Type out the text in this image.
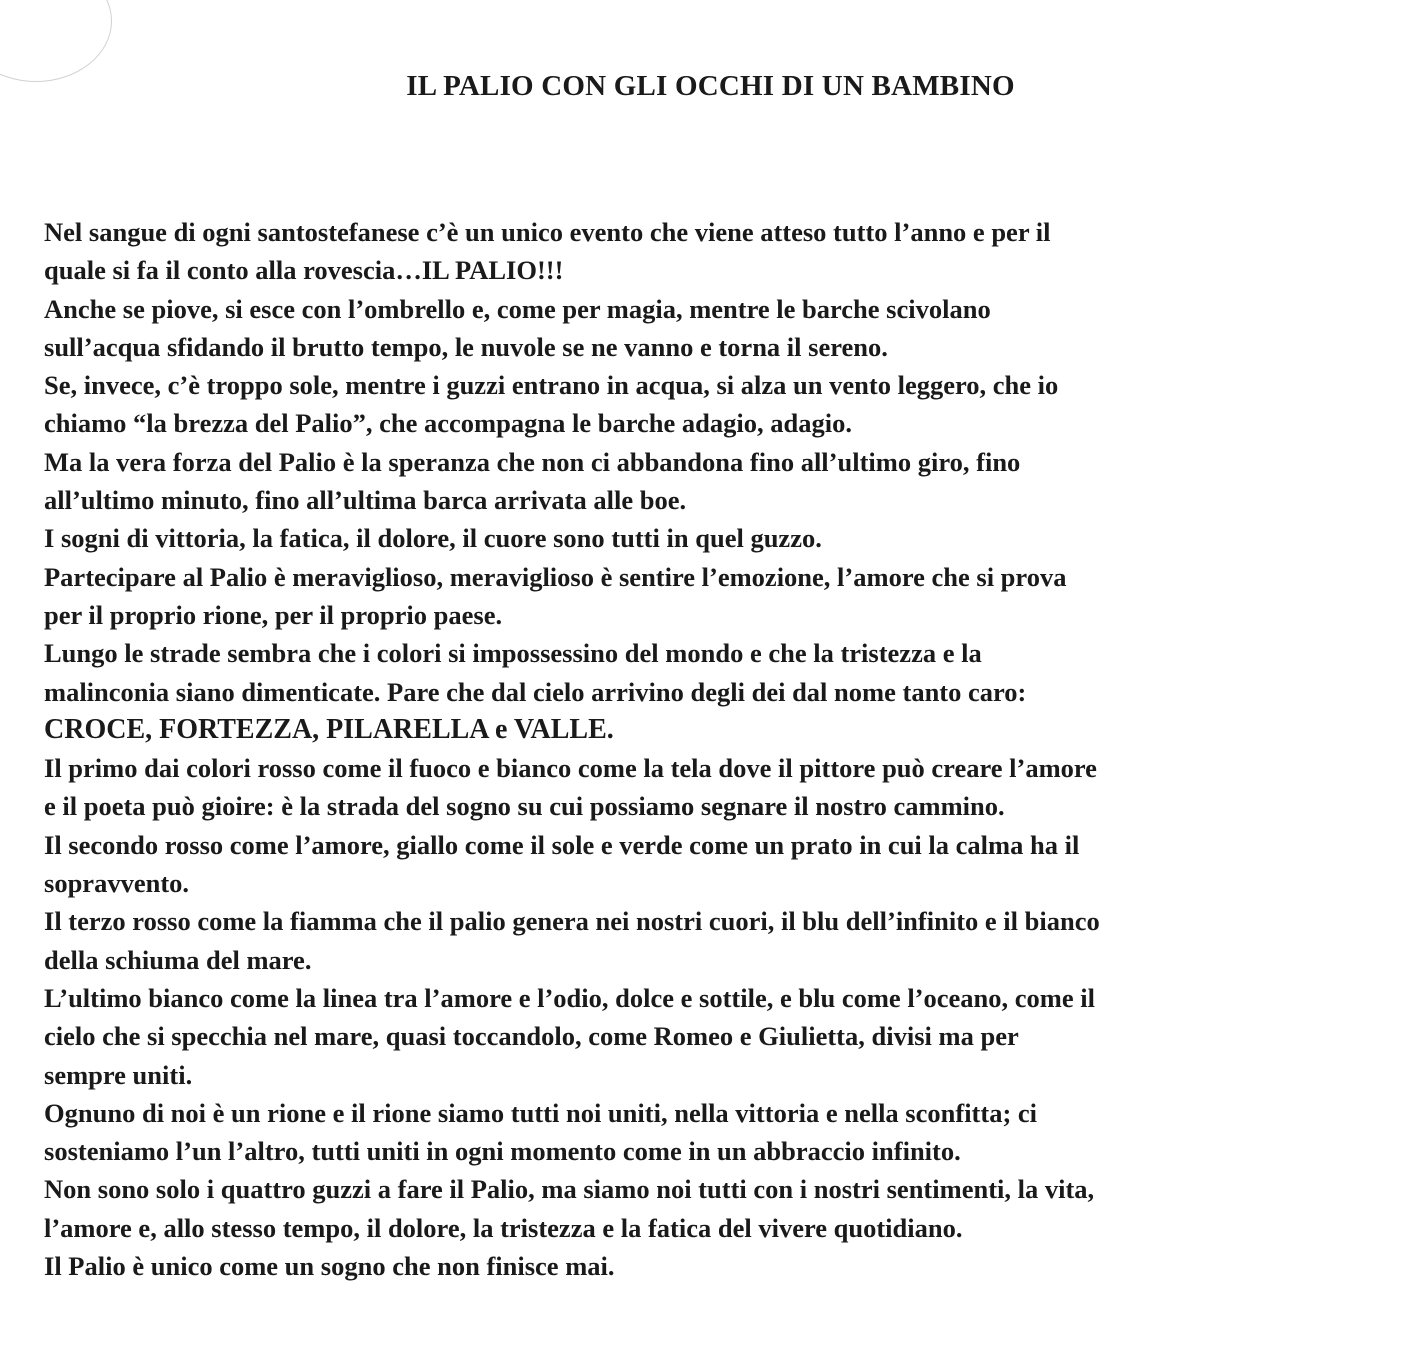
IL PALIO CON GLI OCCHI DI UN BAMBINO
Nel sangue di ogni santostefanese c’è un unico evento che viene atteso tutto l’anno e per il
quale si fa il conto alla rovescia…IL PALIO!!!
Anche se piove, si esce con l’ombrello e, come per magia, mentre le barche scivolano
sull’acqua sfidando il brutto tempo, le nuvole se ne vanno e torna il sereno.
Se, invece, c’è troppo sole, mentre i guzzi entrano in acqua, si alza un vento leggero, che io
chiamo “la brezza del Palio”, che accompagna le barche adagio, adagio.
Ma la vera forza del Palio è la speranza che non ci abbandona fino all’ultimo giro, fino
all’ultimo minuto, fino all’ultima barca arrivata alle boe.
I sogni di vittoria, la fatica, il dolore, il cuore sono tutti in quel guzzo.
Partecipare al Palio è meraviglioso, meraviglioso è sentire l’emozione, l’amore che si prova
per il proprio rione, per il proprio paese.
Lungo le strade sembra che i colori si impossessino del mondo e che la tristezza e la
malinconia siano dimenticate. Pare che dal cielo arrivino degli dei dal nome tanto caro:
CROCE, FORTEZZA, PILARELLA e VALLE.
Il primo dai colori rosso come il fuoco e bianco come la tela dove il pittore può creare l’amore
e il poeta può gioire: è la strada del sogno su cui possiamo segnare il nostro cammino.
Il secondo rosso come l’amore, giallo come il sole e verde come un prato in cui la calma ha il
sopravvento.
Il terzo rosso come la fiamma che il palio genera nei nostri cuori, il blu dell’infinito e il bianco
della schiuma del mare.
L’ultimo bianco come la linea tra l’amore e l’odio, dolce e sottile, e blu come l’oceano, come il
cielo che si specchia nel mare, quasi toccandolo, come Romeo e Giulietta, divisi ma per
sempre uniti.
Ognuno di noi è un rione e il rione siamo tutti noi uniti, nella vittoria e nella sconfitta; ci
sosteniamo l’un l’altro, tutti uniti in ogni momento come in un abbraccio infinito.
Non sono solo i quattro guzzi a fare il Palio, ma siamo noi tutti con i nostri sentimenti, la vita,
l’amore e, allo stesso tempo, il dolore, la tristezza e la fatica del vivere quotidiano.
Il Palio è unico come un sogno che non finisce mai.
